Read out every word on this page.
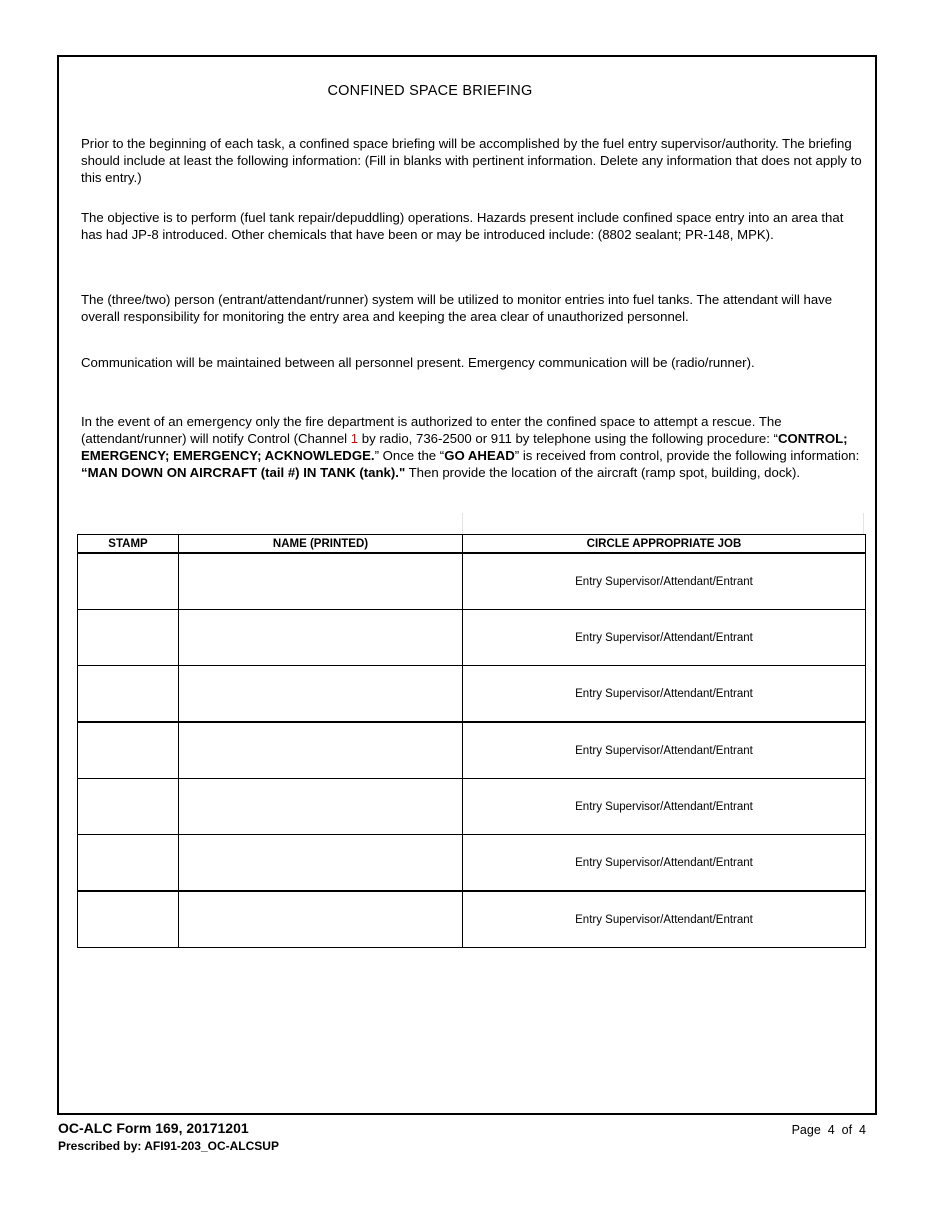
CONFINED SPACE BRIEFING

Prior to the beginning of each task, a confined space briefing will be accomplished by the fuel entry supervisor/authority. The briefing should include at least the following information: (Fill in blanks with pertinent information. Delete any information that does not apply to this entry.)

The objective is to perform (fuel tank repair/depuddling) operations. Hazards present include confined space entry into an area that has had JP-8 introduced. Other chemicals that have been or may be introduced include: (8802 sealant; PR-148, MPK).

The (three/two) person (entrant/attendant/runner) system will be utilized to monitor entries into fuel tanks. The attendant will have overall responsibility for monitoring the entry area and keeping the area clear of unauthorized personnel.

Communication will be maintained between all personnel present. Emergency communication will be (radio/runner).

In the event of an emergency only the fire department is authorized to enter the confined space to attempt a rescue. The (attendant/runner) will notify Control (Channel 1 by radio, 736-2500 or 911 by telephone using the following procedure: “CONTROL; EMERGENCY; EMERGENCY; ACKNOWLEDGE.” Once the “GO AHEAD” is received from control, provide the following information: “MAN DOWN ON AIRCRAFT (tail #) IN TANK (tank)." Then provide the location of the aircraft (ramp spot, building, dock).

STAMP	NAME (PRINTED)	CIRCLE APPROPRIATE JOB
		Entry Supervisor/Attendant/Entrant
		Entry Supervisor/Attendant/Entrant
		Entry Supervisor/Attendant/Entrant
		Entry Supervisor/Attendant/Entrant
		Entry Supervisor/Attendant/Entrant
		Entry Supervisor/Attendant/Entrant
		Entry Supervisor/Attendant/Entrant
OC-ALC Form 169, 20171201
Prescribed by: AFI91-203_OC-ALCSUP
Page 4 of 4
